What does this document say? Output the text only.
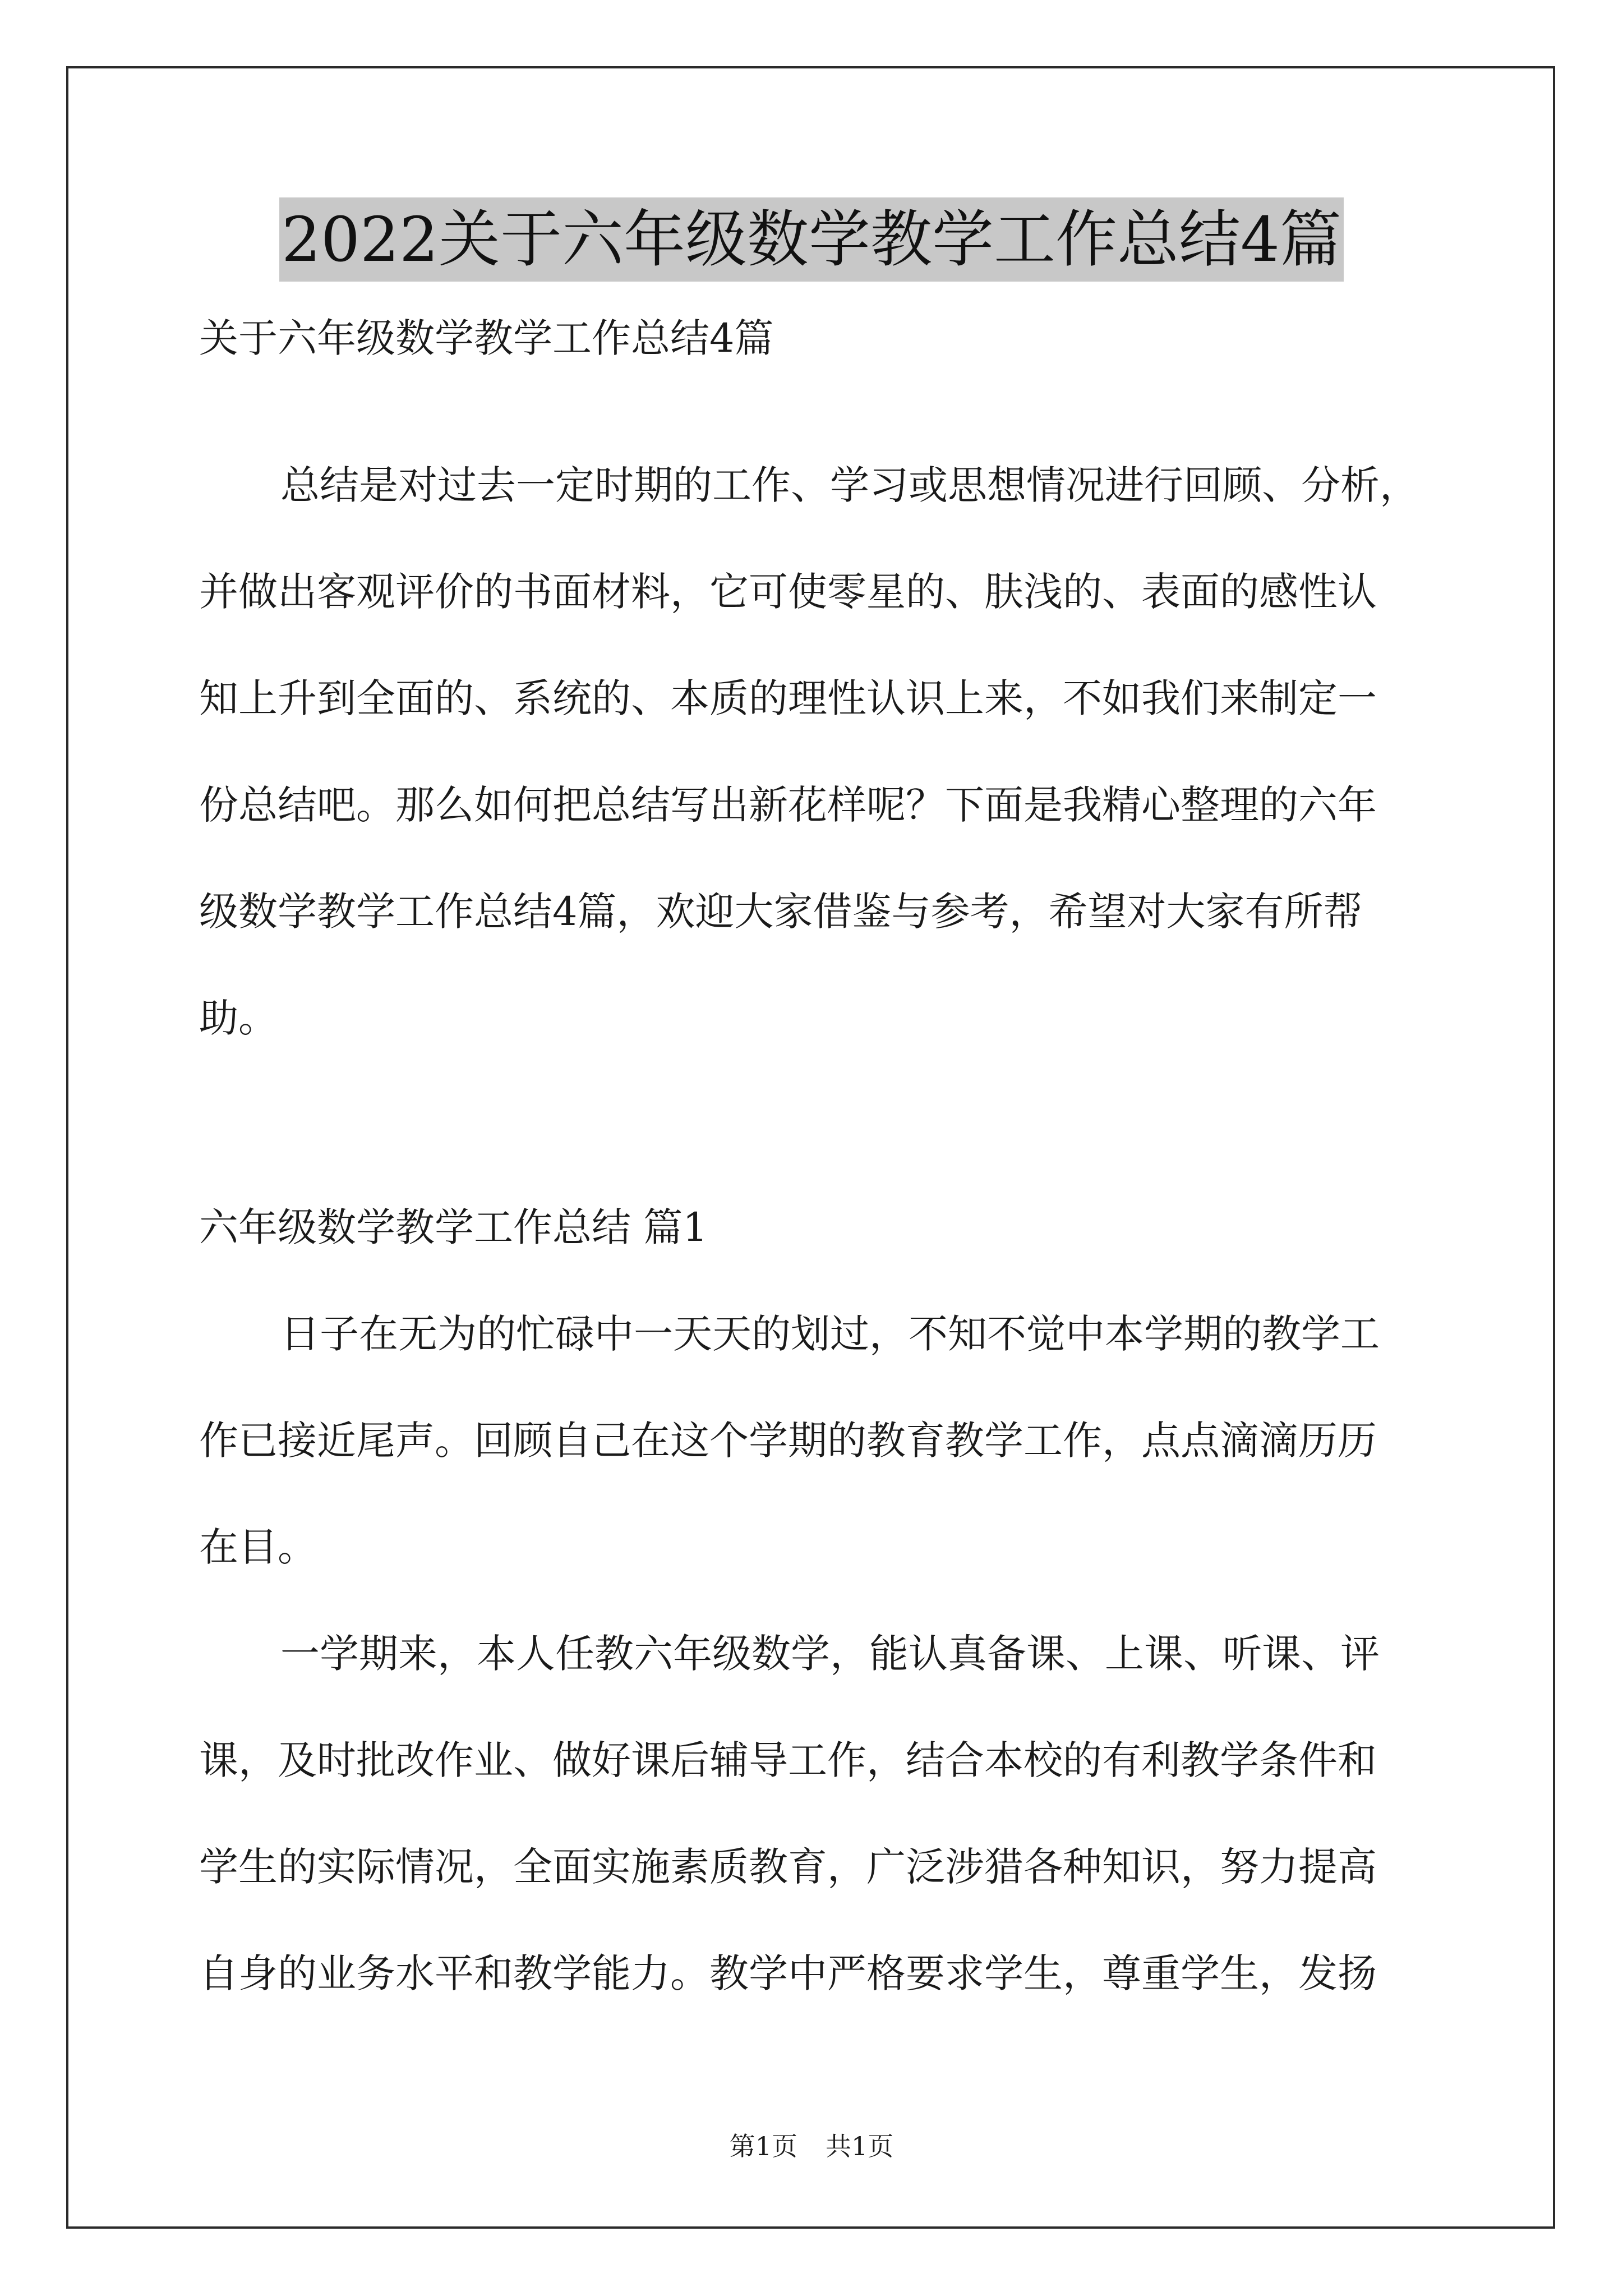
2022关于六年级数学教学工作总结4篇
关于六年级数学教学工作总结4篇
总结是对过去一定时期的工作、学习或思想情况进行回顾、分析，
并做出客观评价的书面材料，它可使零星的、肤浅的、表面的感性认
知上升到全面的、系统的、本质的理性认识上来，不如我们来制定一
份总结吧。那么如何把总结写出新花样呢？下面是我精心整理的六年
级数学教学工作总结4篇，欢迎大家借鉴与参考，希望对大家有所帮
助。
六年级数学教学工作总结 篇1
日子在无为的忙碌中一天天的划过，不知不觉中本学期的教学工
作已接近尾声。回顾自己在这个学期的教育教学工作，点点滴滴历历
在目。
一学期来，本人任教六年级数学，能认真备课、上课、听课、评
课，及时批改作业、做好课后辅导工作，结合本校的有利教学条件和
学生的实际情况，全面实施素质教育，广泛涉猎各种知识，努力提高
自身的业务水平和教学能力。教学中严格要求学生，尊重学生，发扬
第1页 共1页
